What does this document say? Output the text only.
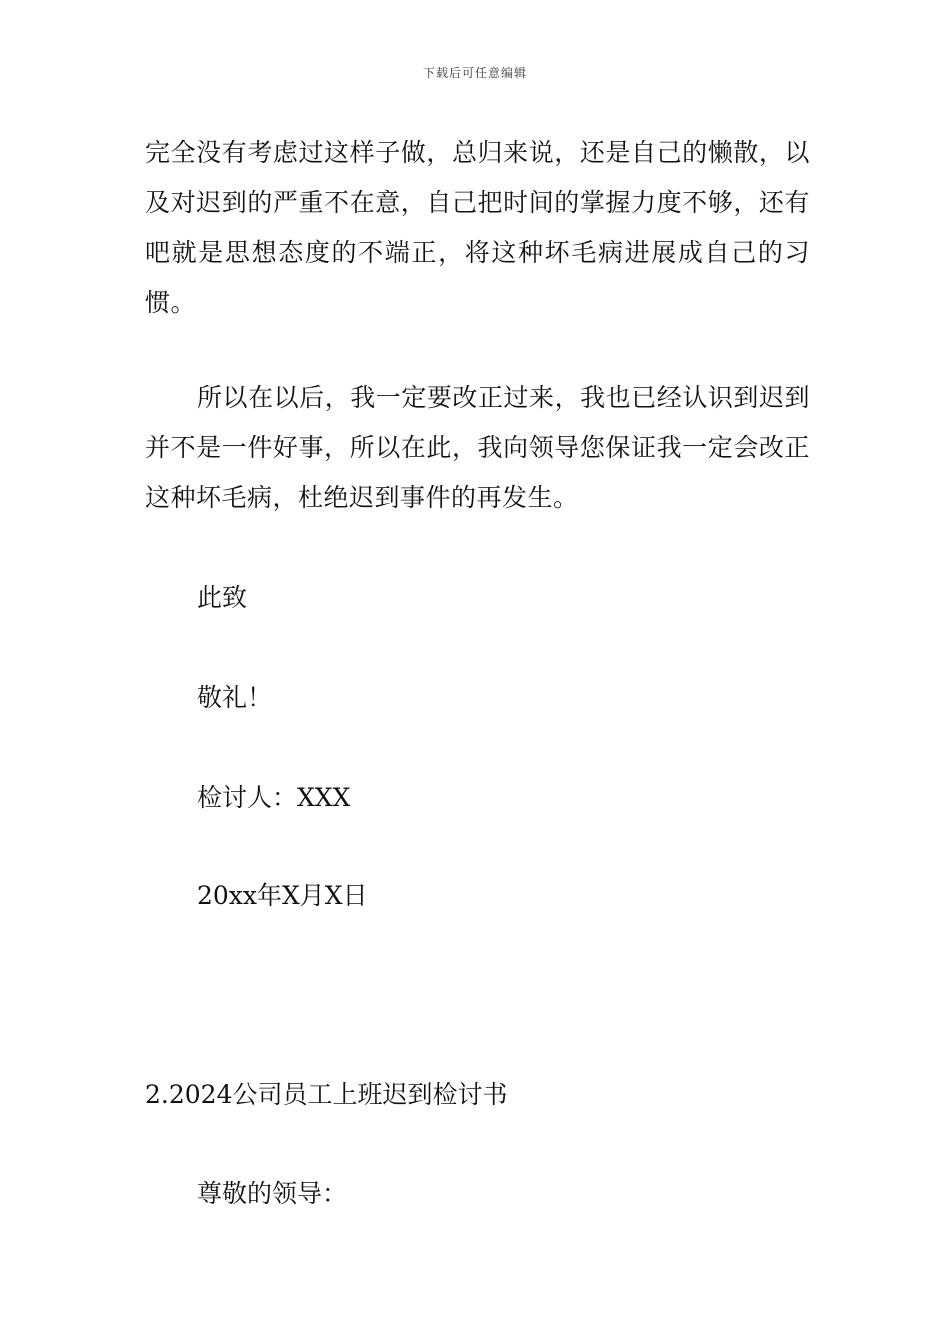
下载后可任意编辑
完全没有考虑过这样子做，总归来说，还是自己的懒散，以及对迟到的严重不在意，自己把时间的掌握力度不够，还有吧就是思想态度的不端正，将这种坏毛病进展成自己的习惯。
所以在以后，我一定要改正过来，我也已经认识到迟到并不是一件好事，所以在此，我向领导您保证我一定会改正这种坏毛病，杜绝迟到事件的再发生。
此致
敬礼！
检讨人：XXX
20xx年X月X日
2.2024公司员工上班迟到检讨书
尊敬的领导：
